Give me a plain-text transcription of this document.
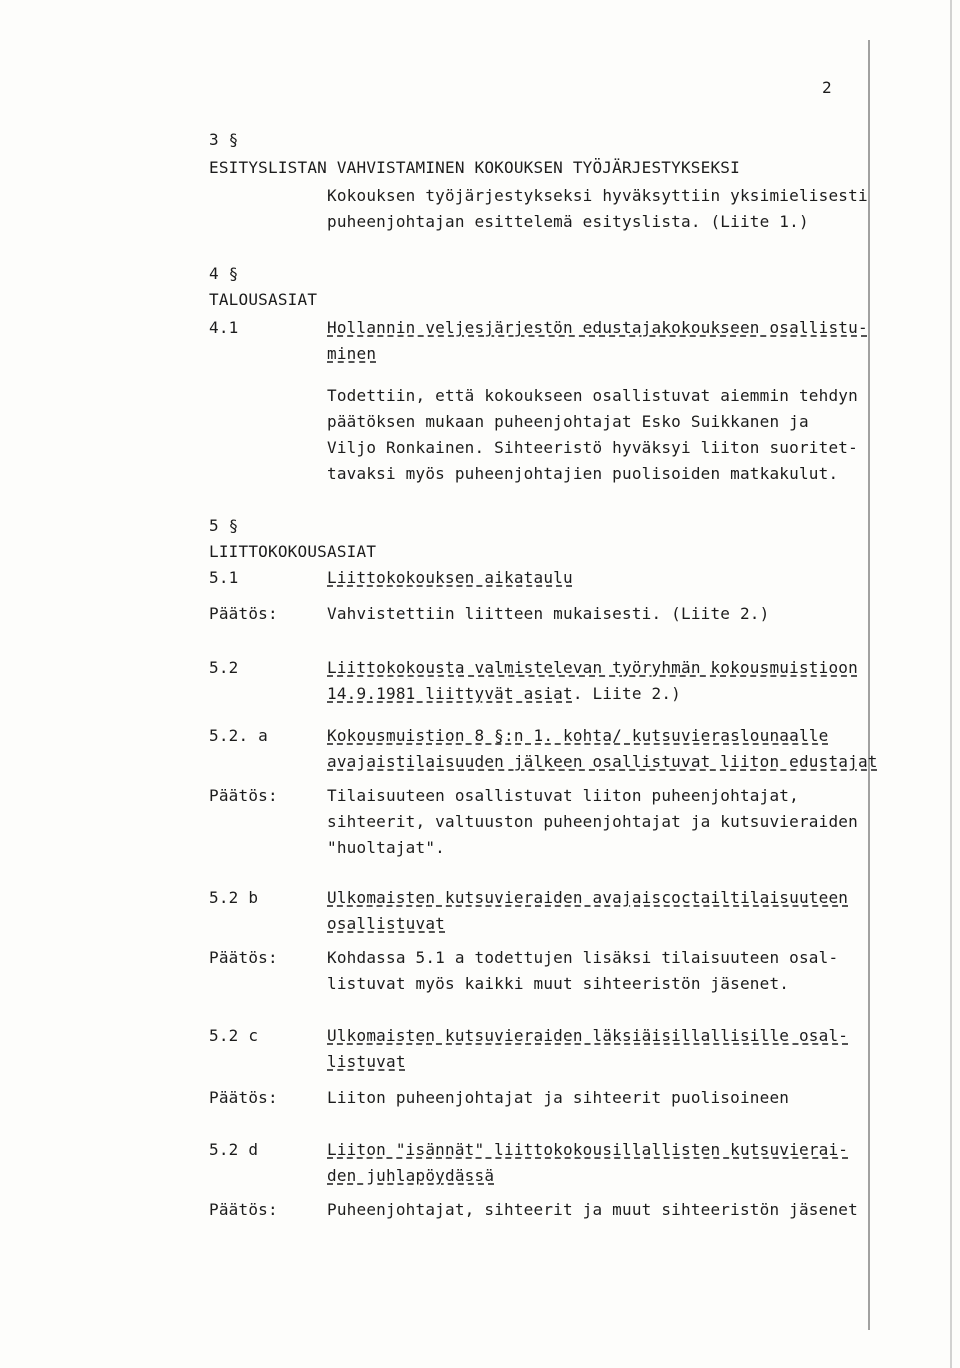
2
3 §
ESITYSLISTAN VAHVISTAMINEN KOKOUKSEN TYÖJÄRJESTYKSEKSI
Kokouksen työjärjestykseksi hyväksyttiin yksimielisesti
puheenjohtajan esittelemä esityslista. (Liite 1.)
4 §
TALOUSASIAT
4.1	Hollannin veljesjärjestön edustajakokoukseen osallistu-
minen
Todettiin, että kokoukseen osallistuvat aiemmin tehdyn
päätöksen mukaan puheenjohtajat Esko Suikkanen ja
Viljo Ronkainen. Sihteeristö hyväksyi liiton suoritet-
tavaksi myös puheenjohtajien puolisoiden matkakulut.
5 §
LIITTOKOKOUSASIAT
5.1	Liittokokouksen aikataulu
Päätös:	Vahvistettiin liitteen mukaisesti. (Liite 2.)
5.2	Liittokokousta valmistelevan työryhmän kokousmuistioon
14.9.1981 liittyvät asiat. Liite 2.)
5.2. a	Kokousmuistion 8 §:n 1. kohta/ kutsuvieraslounaalle
avajaistilaisuuden jälkeen osallistuvat liiton edustajat
Päätös:	Tilaisuuteen osallistuvat liiton puheenjohtajat,
sihteerit, valtuuston puheenjohtajat ja kutsuvieraiden
"huoltajat".
5.2 b	Ulkomaisten kutsuvieraiden avajaiscoctailtilaisuuteen
osallistuvat
Päätös:	Kohdassa 5.1 a todettujen lisäksi tilaisuuteen osal-
listuvat myös kaikki muut sihteeristön jäsenet.
5.2 c	Ulkomaisten kutsuvieraiden läksiäisillallisille osal-
listuvat
Päätös:	Liiton puheenjohtajat ja sihteerit puolisoineen
5.2 d	Liiton "isännät" liittokokousillallisten kutsuvierai-
den juhlapöydässä
Päätös:	Puheenjohtajat, sihteerit ja muut sihteeristön jäsenet
